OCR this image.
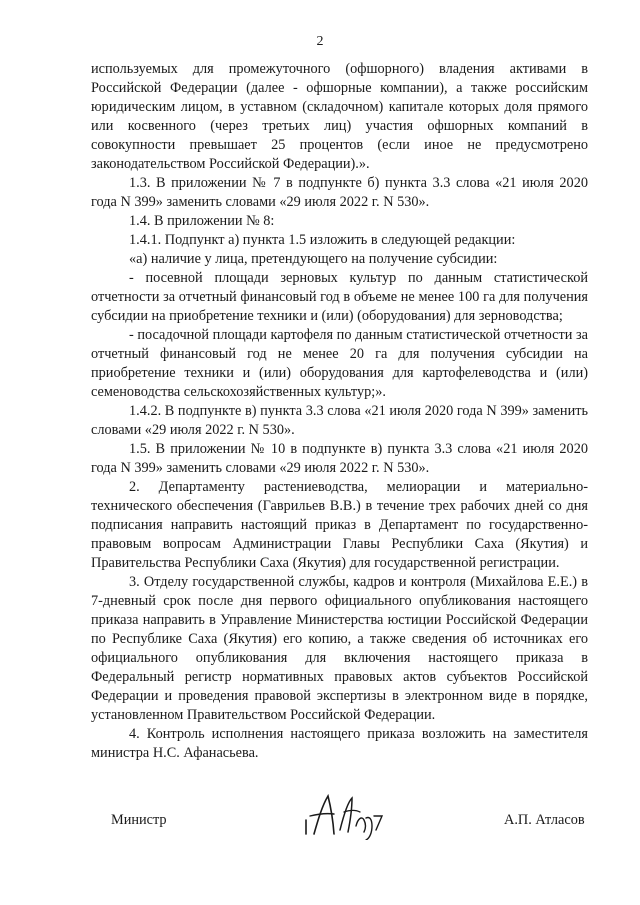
2

используемых для промежуточного (офшорного) владения активами в Российской Федерации (далее - офшорные компании), а также российским юридическим лицом, в уставном (складочном) капитале которых доля прямого или косвенного (через третьих лиц) участия офшорных компаний в совокупности превышает 25 процентов (если иное не предусмотрено законодательством Российской Федерации).».

1.3. В приложении № 7 в подпункте б) пункта 3.3 слова «21 июля 2020 года N 399» заменить словами «29 июля 2022 г. N 530».

1.4. В приложении № 8:

1.4.1. Подпункт а) пункта 1.5 изложить в следующей редакции:

«а) наличие у лица, претендующего на получение субсидии:

- посевной площади зерновых культур по данным статистической отчетности за отчетный финансовый год в объеме не менее 100 га для получения субсидии на приобретение техники и (или) (оборудования) для зерноводства;

- посадочной площади картофеля по данным статистической отчетности за отчетный финансовый год не менее 20 га для получения субсидии на приобретение техники и (или) оборудования для картофелеводства и (или) семеноводства сельскохозяйственных культур;».

1.4.2. В подпункте в) пункта 3.3 слова «21 июля 2020 года N 399» заменить словами «29 июля 2022 г. N 530».

1.5. В приложении № 10 в подпункте в) пункта 3.3 слова «21 июля 2020 года N 399» заменить словами «29 июля 2022 г. N 530».

2. Департаменту растениеводства, мелиорации и материально-технического обеспечения (Гаврильев В.В.) в течение трех рабочих дней со дня подписания направить настоящий приказ в Департамент по государственно-правовым вопросам Администрации Главы Республики Саха (Якутия) и Правительства Республики Саха (Якутия) для государственной регистрации.

3. Отделу государственной службы, кадров и контроля (Михайлова Е.Е.) в 7-дневный срок после дня первого официального опубликования настоящего приказа направить в Управление Министерства юстиции Российской Федерации по Республике Саха (Якутия) его копию, а также сведения об источниках его официального опубликования для включения настоящего приказа в Федеральный регистр нормативных правовых актов субъектов Российской Федерации и проведения правовой экспертизы в электронном виде в порядке, установленном Правительством Российской Федерации.

4. Контроль исполнения настоящего приказа возложить на заместителя министра Н.С. Афанасьева.

Министр	А.П. Атласов
